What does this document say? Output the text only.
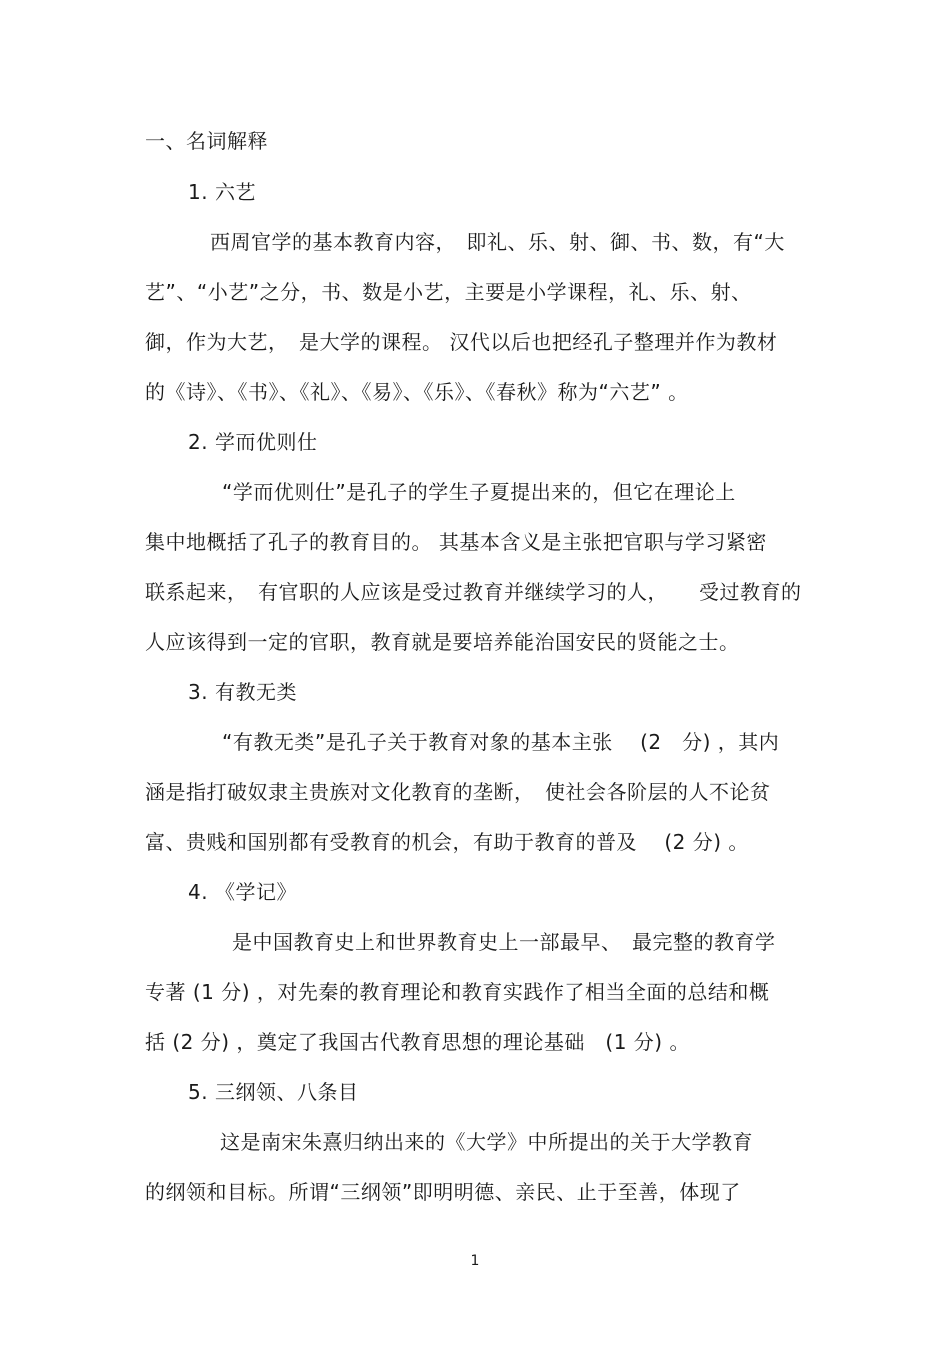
一、名词解释
1. 六艺
西周官学的基本教育内容，　即礼、乐、射、御、书、数，有“大
艺”、“小艺”之分，书、数是小艺，主要是小学课程，礼、乐、射、
御，作为大艺，　是大学的课程。 汉代以后也把经孔子整理并作为教材
的《诗》、《书》、《礼》、《易》、《乐》、《春秋》称为“六艺” 。
2. 学而优则仕
“学而优则仕”是孔子的学生子夏提出来的，但它在理论上
集中地概括了孔子的教育目的。 其基本含义是主张把官职与学习紧密
联系起来，　有官职的人应该是受过教育并继续学习的人，　　受过教育的
人应该得到一定的官职，教育就是要培养能治国安民的贤能之士。
3. 有教无类
“有教无类”是孔子关于教育对象的基本主张 　(2　分) ，其内
涵是指打破奴隶主贵族对文化教育的垄断，　使社会各阶层的人不论贫
富、贵贱和国别都有受教育的机会，有助于教育的普及　 (2 分) 。
4. 《学记》
是中国教育史上和世界教育史上一部最早、　最完整的教育学
专著 (1 分) ，对先秦的教育理论和教育实践作了相当全面的总结和概
括 (2 分) ，奠定了我国古代教育思想的理论基础　(1 分) 。
5. 三纲领、八条目
这是南宋朱熹归纳出来的《大学》中所提出的关于大学教育
的纲领和目标。所谓“三纲领”即明明德、亲民、止于至善，体现了
1
